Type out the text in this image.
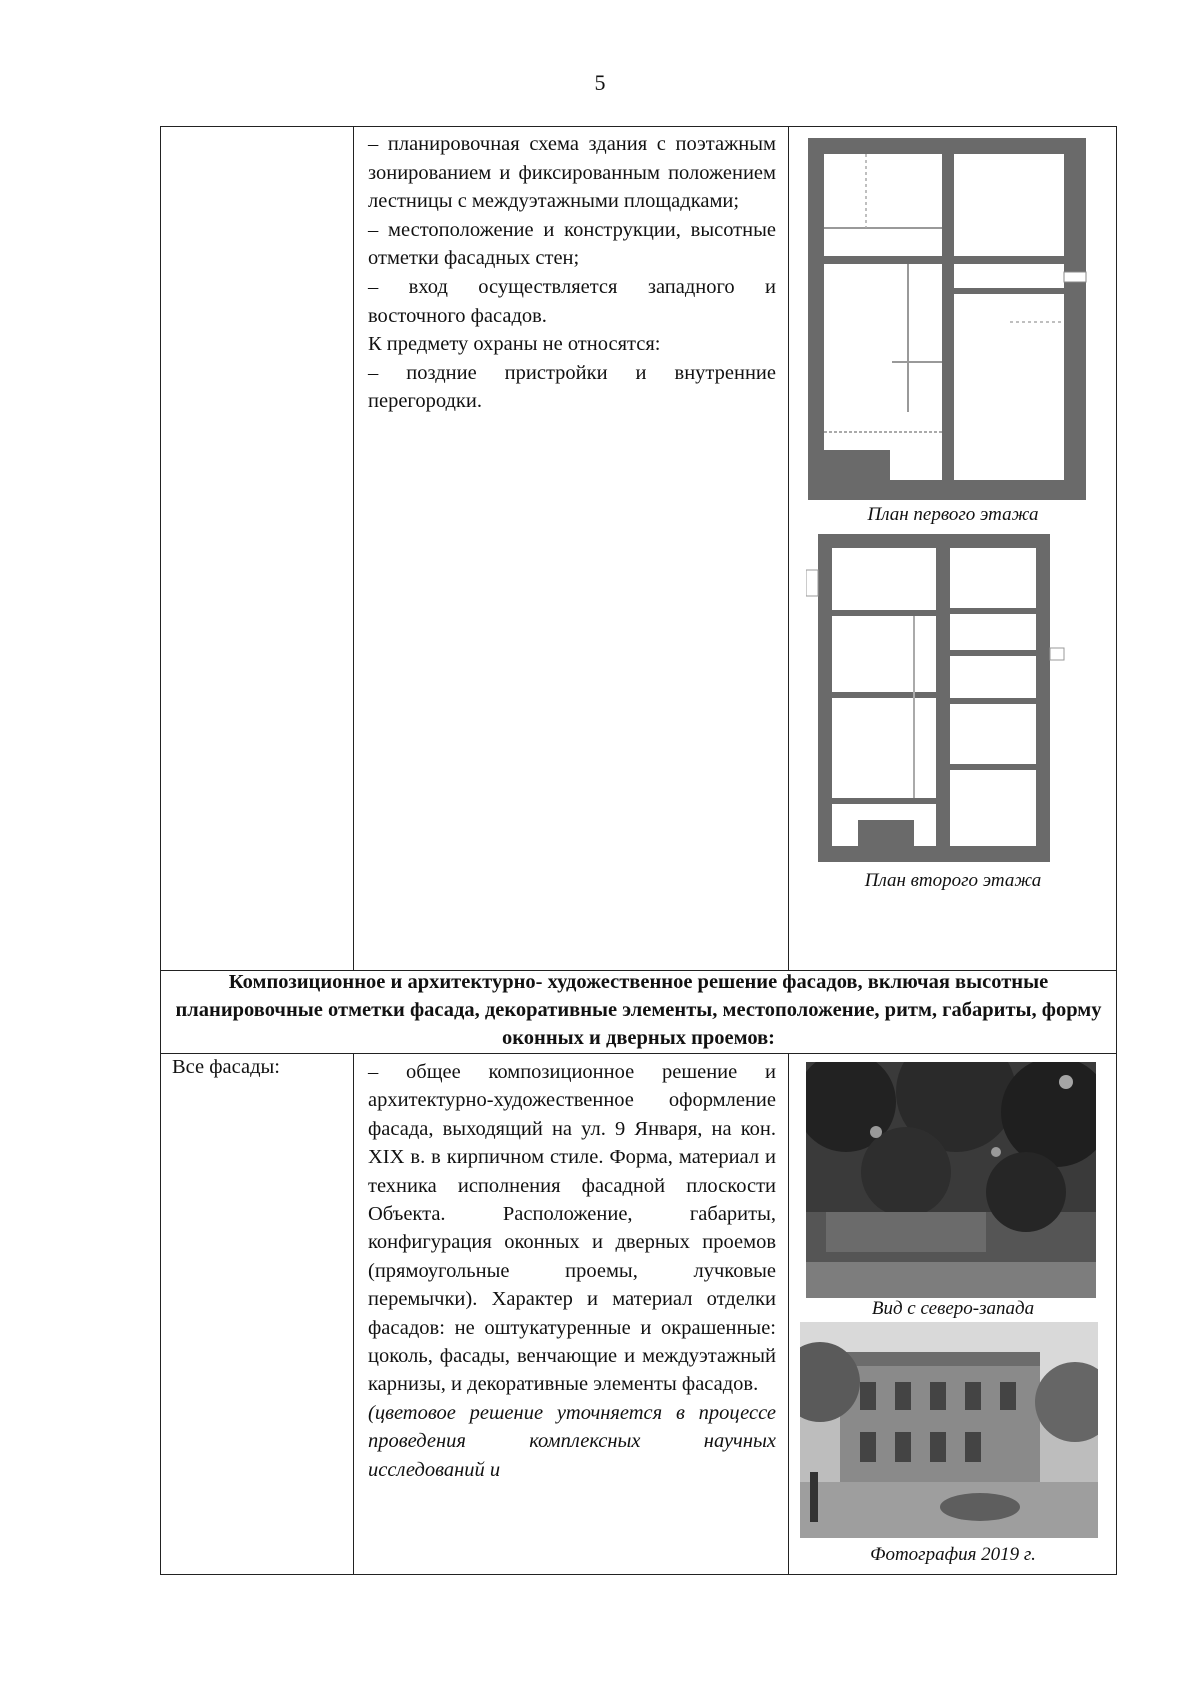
5

– планировочная схема здания с поэтажным зонированием и фиксированным положением лестницы с междуэтажными площадками;

– местоположение и конструкции, высотные отметки фасадных стен;

– вход осуществляется западного и восточного фасадов.

К предмету охраны не относятся:

– поздние пристройки и внутренние перегородки.

План первого этажа
План второго этажа
Композиционное и архитектурно- художественное решение фасадов, включая высотные планировочные отметки фасада, декоративные элементы, местоположение, ритм, габариты, форму оконных и дверных проемов:
Все фасады:	– общее композиционное решение и архитектурно-художественное оформление фасада, выходящий на ул. 9 Января, на кон. XIX в. в кирпичном стиле. Форма, материал и техника исполнения фасадной плоскости Объекта. Расположение, габариты, конфигурация оконных и дверных проемов (прямоугольные проемы, лучковые перемычки). Характер и материал отделки фасадов: не оштукатуренные и окрашенные: цоколь, фасады, венчающие и междуэтажный карнизы, и декоративные элементы фасадов.

(цветовое решение уточняется в процессе проведения комплексных научных исследований и

Вид с северо-запада
Фотография 2019 г.
